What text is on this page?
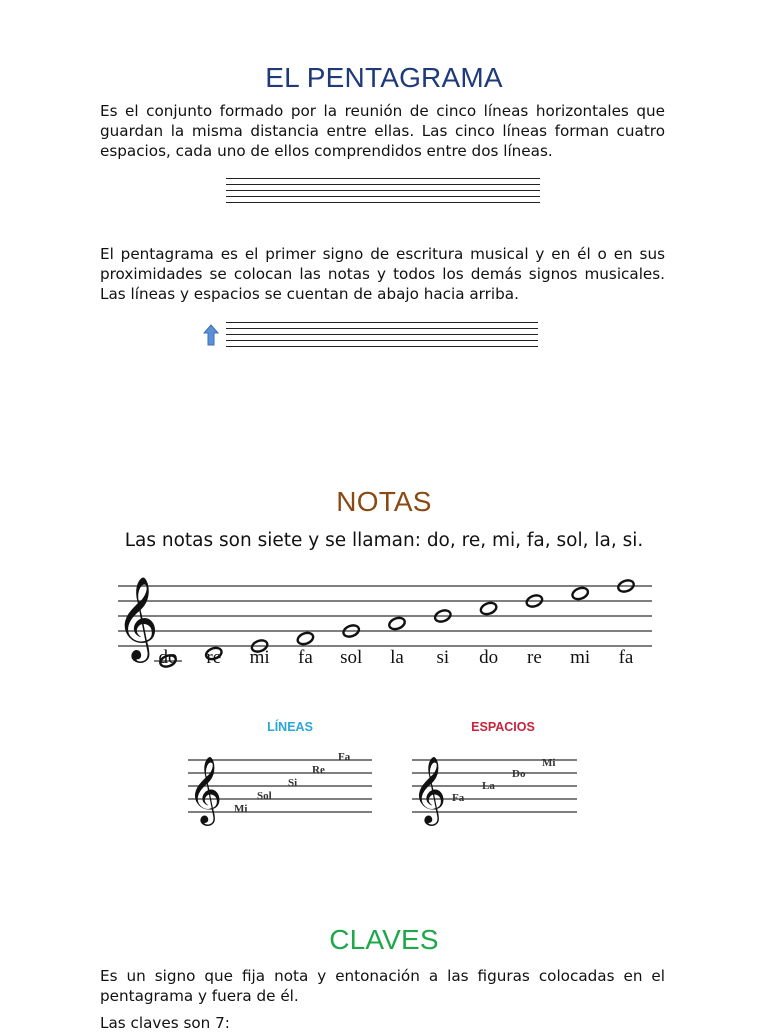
EL PENTAGRAMA

Es el conjunto formado por la reunión de cinco líneas horizontales que guardan la misma distancia entre ellas. Las cinco líneas forman cuatro espacios, cada uno de ellos comprendidos entre dos líneas.

El pentagrama es el primer signo de escritura musical y en él o en sus proximidades se colocan las notas y todos los demás signos musicales. Las líneas y espacios se cuentan de abajo hacia arriba.

NOTAS
Las notas son siete y se llaman: do, re, mi, fa, sol, la, si.
𝄞 do re mi fa sol la si do re mi fa
LÍNEAS
𝄞 Mi
Sol
Si
Re
Fa
ESPACIOS
𝄞 Fa
La
Do
Mi
CLAVES

Es un signo que fija nota y entonación a las figuras colocadas en el pentagrama y fuera de él.

Las claves son 7:
